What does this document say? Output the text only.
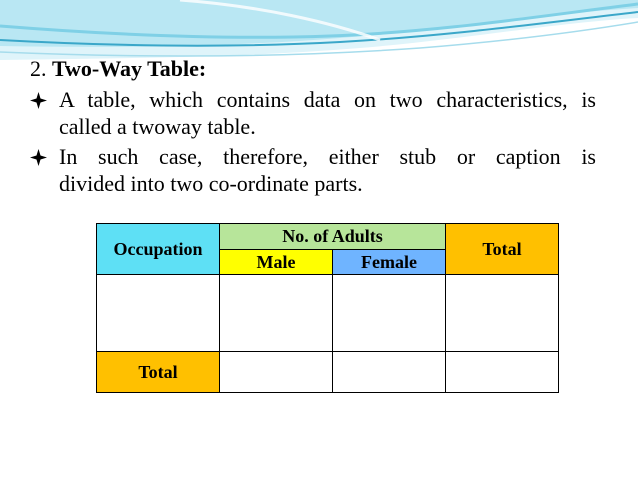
2. Two-Way Table:
A table, which contains data on two characteristics, is
called a twoway table.
In such case, therefore, either stub or caption is
divided into two co-ordinate parts.
Occupation	No. of Adults		Total
	Male	Female	

Total			
